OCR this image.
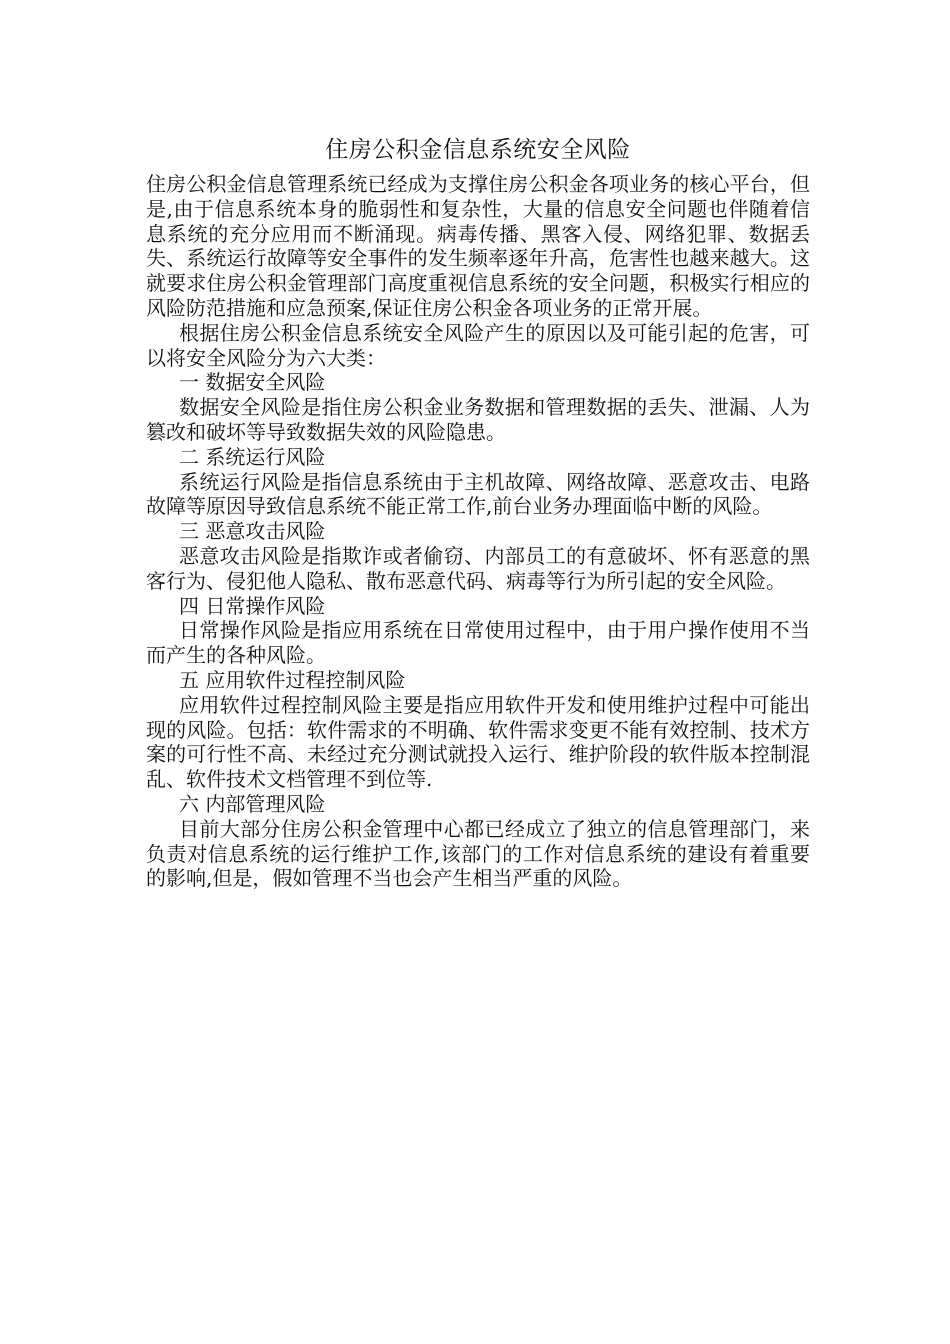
住房公积金信息系统安全风险

住房公积金信息管理系统已经成为支撑住房公积金各项业务的核心平台，但是,由于信息系统本身的脆弱性和复杂性，大量的信息安全问题也伴随着信息系统的充分应用而不断涌现。病毒传播、黑客入侵、网络犯罪、数据丢失、系统运行故障等安全事件的发生频率逐年升高，危害性也越来越大。这就要求住房公积金管理部门高度重视信息系统的安全问题，积极实行相应的风险防范措施和应急预案,保证住房公积金各项业务的正常开展。

根据住房公积金信息系统安全风险产生的原因以及可能引起的危害，可以将安全风险分为六大类：

一 数据安全风险

数据安全风险是指住房公积金业务数据和管理数据的丢失、泄漏、人为篡改和破坏等导致数据失效的风险隐患。

二 系统运行风险

系统运行风险是指信息系统由于主机故障、网络故障、恶意攻击、电路故障等原因导致信息系统不能正常工作,前台业务办理面临中断的风险。

三 恶意攻击风险

恶意攻击风险是指欺诈或者偷窃、内部员工的有意破坏、怀有恶意的黑客行为、侵犯他人隐私、散布恶意代码、病毒等行为所引起的安全风险。

四 日常操作风险

日常操作风险是指应用系统在日常使用过程中，由于用户操作使用不当而产生的各种风险。

五 应用软件过程控制风险

应用软件过程控制风险主要是指应用软件开发和使用维护过程中可能出现的风险。包括：软件需求的不明确、软件需求变更不能有效控制、技术方案的可行性不高、未经过充分测试就投入运行、维护阶段的软件版本控制混乱、软件技术文档管理不到位等.

六 内部管理风险

目前大部分住房公积金管理中心都已经成立了独立的信息管理部门，来负责对信息系统的运行维护工作,该部门的工作对信息系统的建设有着重要的影响,但是，假如管理不当也会产生相当严重的风险。
